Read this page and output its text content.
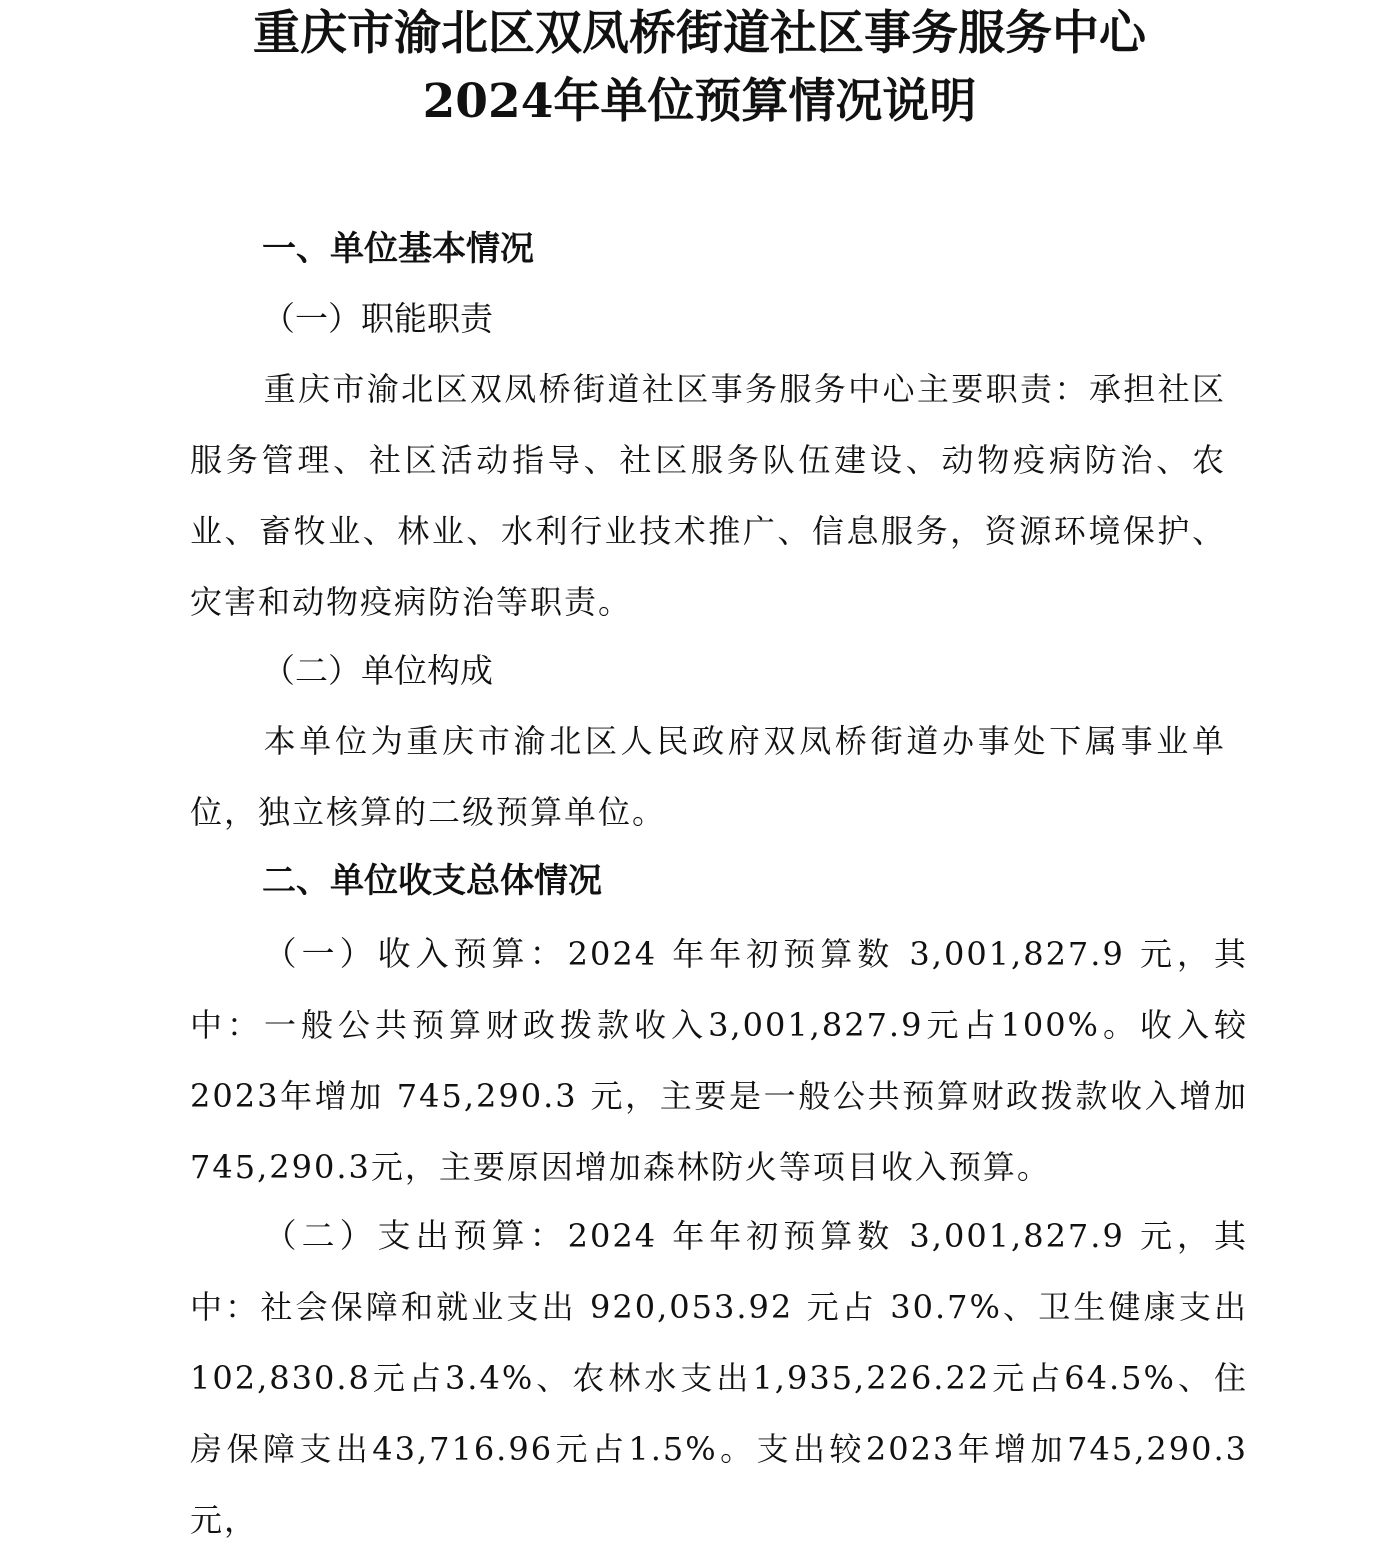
重庆市渝北区双凤桥街道社区事务服务中心
2024年单位预算情况说明
一、单位基本情况
（一）职能职责
重庆市渝北区双凤桥街道社区事务服务中心主要职责：承担社区服务管理、社区活动指导、社区服务队伍建设、动物疫病防治、农业、畜牧业、林业、水利行业技术推广、信息服务，资源环境保护、灾害和动物疫病防治等职责。
（二）单位构成
本单位为重庆市渝北区人民政府双凤桥街道办事处下属事业单位，独立核算的二级预算单位。
二、单位收支总体情况
（一）收入预算：2024 年年初预算数 3,001,827.9 元，其中：一般公共预算财政拨款收入3,001,827.9元占100%。收入较2023年增加 745,290.3 元，主要是一般公共预算财政拨款收入增加745,290.3元，主要原因增加森林防火等项目收入预算。
（二）支出预算：2024 年年初预算数 3,001,827.9 元，其中：社会保障和就业支出 920,053.92 元占 30.7%、卫生健康支出102,830.8元占3.4%、农林水支出1,935,226.22元占64.5%、住房保障支出43,716.96元占1.5%。支出较2023年增加745,290.3元，
